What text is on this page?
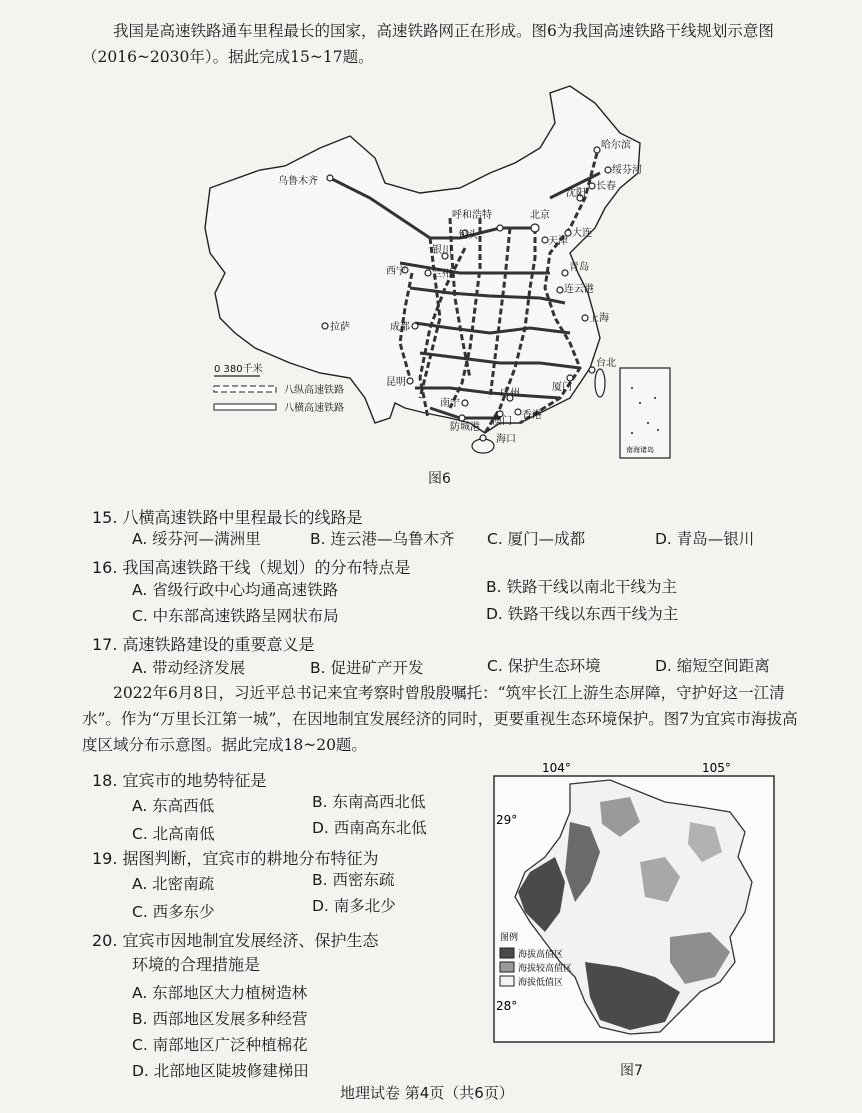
我国是高速铁路通车里程最长的国家，高速铁路网正在形成。图6为我国高速铁路干线规划示意图（2016~2030年）。据此完成15~17题。
哈尔滨
绥芬河
长春
沈阳
乌鲁木齐
呼和浩特	北京
大连
包头
天津
银川
兰州
西宁	青岛
连云港
拉萨	成都
上海
台北
昆明	厦门
南宁
广州
香港
澳门
海口
防城港
0 380千米
八纵高速铁路
八横高速铁路
南海诸岛
图6
15. 八横高速铁路中里程最长的线路是
A. 绥芬河—满洲里	B. 连云港—乌鲁木齐 C. 厦门—成都	D. 青岛—银川
16. 我国高速铁路干线（规划）的分布特点是
A. 省级行政中心均通高速铁路	B. 铁路干线以南北干线为主
C. 中东部高速铁路呈网状布局	D. 铁路干线以东西干线为主
17. 高速铁路建设的重要意义是
A. 带动经济发展	B. 促进矿产开发	C. 保护生态环境	D. 缩短空间距离
2022年6月8日，习近平总书记来宜考察时曾殷殷嘱托：“筑牢长江上游生态屏障，守护好这一江清水”。作为“万里长江第一城”，在因地制宜发展经济的同时，更要重视生态环境保护。图7为宜宾市海拔高度区域分布示意图。据此完成18~20题。
18. 宜宾市的地势特征是
A. 东高西低	B. 东南高西北低
C. 北高南低	D. 西南高东北低
19. 据图判断，宜宾市的耕地分布特征为
A. 北密南疏	B. 西密东疏
C. 西多东少	D. 南多北少
20. 宜宾市因地制宜发展经济、保护生态
环境的合理措施是
A. 东部地区大力植树造林
B. 西部地区发展多种经营
C. 南部地区广泛种植棉花
D. 北部地区陡坡修建梯田
104°	105°
29°
28°
图例
海拔高值区
海拔较高值区
海拔低值区
图7
地理试卷 第4页（共6页）
